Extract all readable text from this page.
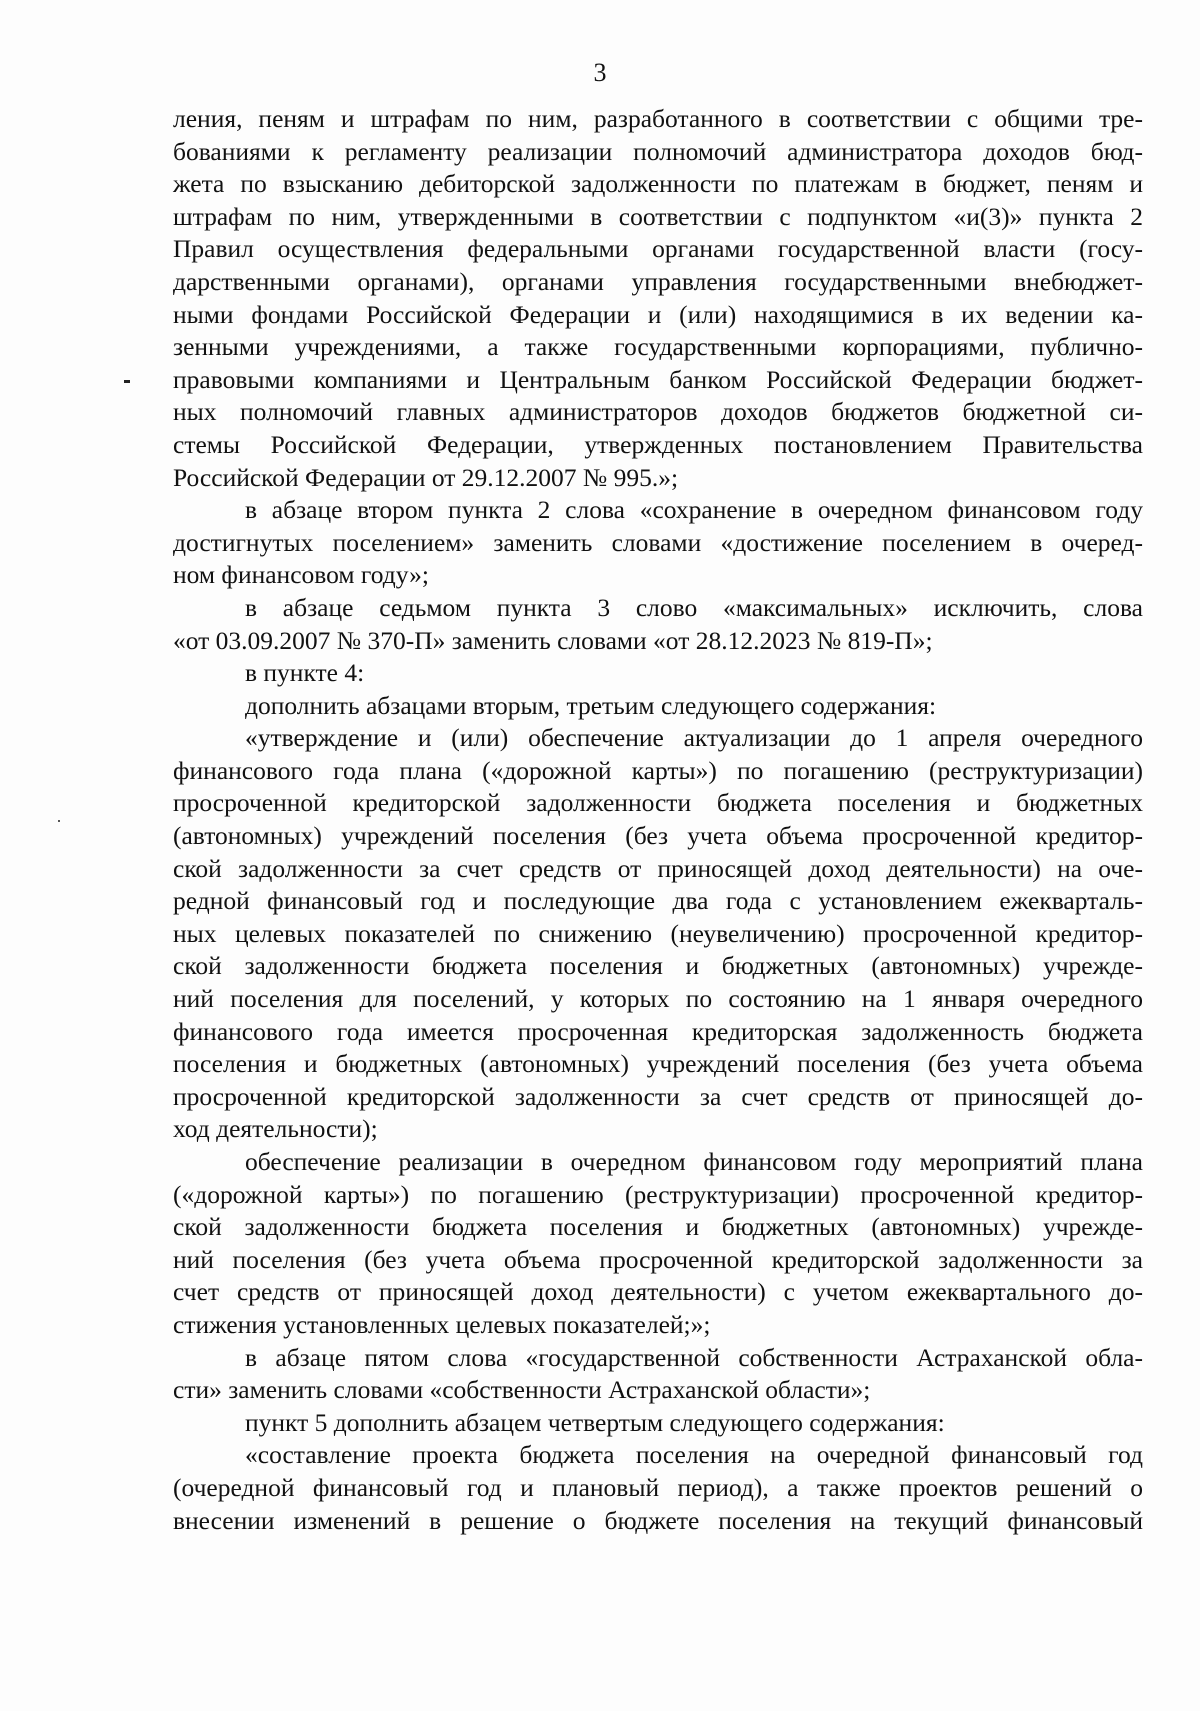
3
ления, пеням и штрафам по ним, разработанного в соответствии с общими тре-
бованиями к регламенту реализации полномочий администратора доходов бюд-
жета по взысканию дебиторской задолженности по платежам в бюджет, пеням и
штрафам по ним, утвержденными в соответствии с подпунктом «и(3)» пункта 2
Правил осуществления федеральными органами государственной власти (госу-
дарственными органами), органами управления государственными внебюджет-
ными фондами Российской Федерации и (или) находящимися в их ведении ка-
зенными учреждениями, а также государственными корпорациями, публично-
правовыми компаниями и Центральным банком Российской Федерации бюджет-
ных полномочий главных администраторов доходов бюджетов бюджетной си-
стемы Российской Федерации, утвержденных постановлением Правительства
Российской Федерации от 29.12.2007 № 995.»;
в абзаце втором пункта 2 слова «сохранение в очередном финансовом году
достигнутых поселением» заменить словами «достижение поселением в очеред-
ном финансовом году»;
в абзаце седьмом пункта 3 слово «максимальных» исключить, слова
«от 03.09.2007 № 370-П» заменить словами «от 28.12.2023 № 819-П»;
в пункте 4:
дополнить абзацами вторым, третьим следующего содержания:
«утверждение и (или) обеспечение актуализации до 1 апреля очередного
финансового года плана («дорожной карты») по погашению (реструктуризации)
просроченной кредиторской задолженности бюджета поселения и бюджетных
(автономных) учреждений поселения (без учета объема просроченной кредитор-
ской задолженности за счет средств от приносящей доход деятельности) на оче-
редной финансовый год и последующие два года с установлением ежекварталь-
ных целевых показателей по снижению (неувеличению) просроченной кредитор-
ской задолженности бюджета поселения и бюджетных (автономных) учрежде-
ний поселения для поселений, у которых по состоянию на 1 января очередного
финансового года имеется просроченная кредиторская задолженность бюджета
поселения и бюджетных (автономных) учреждений поселения (без учета объема
просроченной кредиторской задолженности за счет средств от приносящей до-
ход деятельности);
обеспечение реализации в очередном финансовом году мероприятий плана
(«дорожной карты») по погашению (реструктуризации) просроченной кредитор-
ской задолженности бюджета поселения и бюджетных (автономных) учрежде-
ний поселения (без учета объема просроченной кредиторской задолженности за
счет средств от приносящей доход деятельности) с учетом ежеквартального до-
стижения установленных целевых показателей;»;
в абзаце пятом слова «государственной собственности Астраханской обла-
сти» заменить словами «собственности Астраханской области»;
пункт 5 дополнить абзацем четвертым следующего содержания:
«составление проекта бюджета поселения на очередной финансовый год
(очередной финансовый год и плановый период), а также проектов решений о
внесении изменений в решение о бюджете поселения на текущий финансовый
